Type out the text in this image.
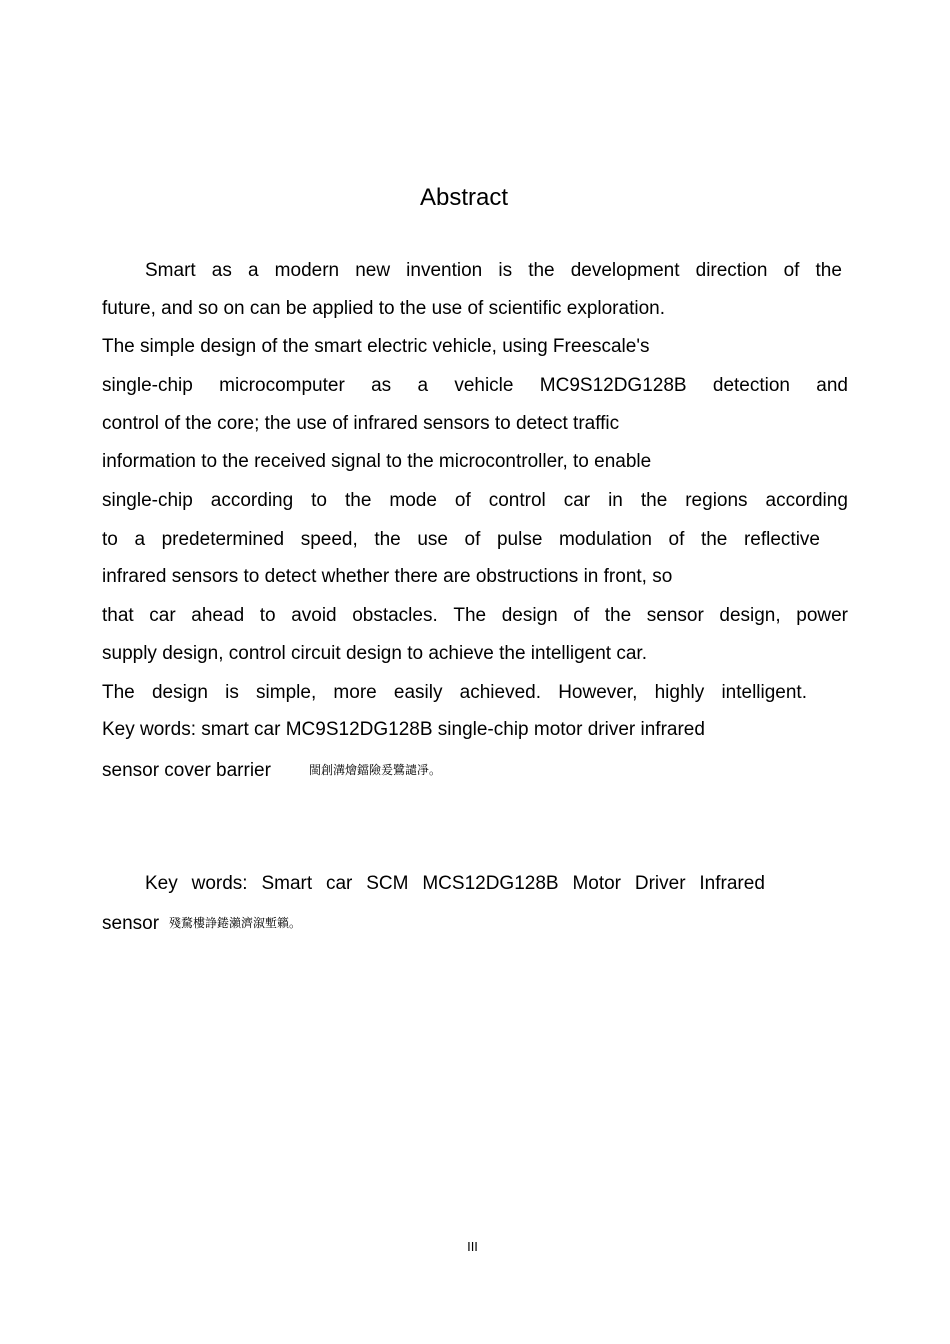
Abstract
Smart as a modern new invention is the development direction of the
future, and so on can be applied to the use of scientific exploration.
The simple design of the smart electric vehicle, using Freescale's
single-chip microcomputer as a vehicle MC9S12DG128B detection and
control of the core; the use of infrared sensors to detect traffic
information to the received signal to the microcontroller, to enable
single-chip according to the mode of control car in the regions according
to a predetermined speed, the use of pulse modulation of the reflective
infrared sensors to detect whether there are obstructions in front, so
that car ahead to avoid obstacles. The design of the sensor design, power
supply design, control circuit design to achieve the intelligent car.
The design is simple, more easily achieved. However, highly intelligent.
Key words: smart car MC9S12DG128B single-chip motor driver infrared
sensor cover barrier	閩創溝燴鐺險爰鷺譴凈。
Key words: Smart car SCM MCS12DG128B Motor Driver Infrared
sensor 殘騖樓諍錈瀨濟溆塹籟。
III
